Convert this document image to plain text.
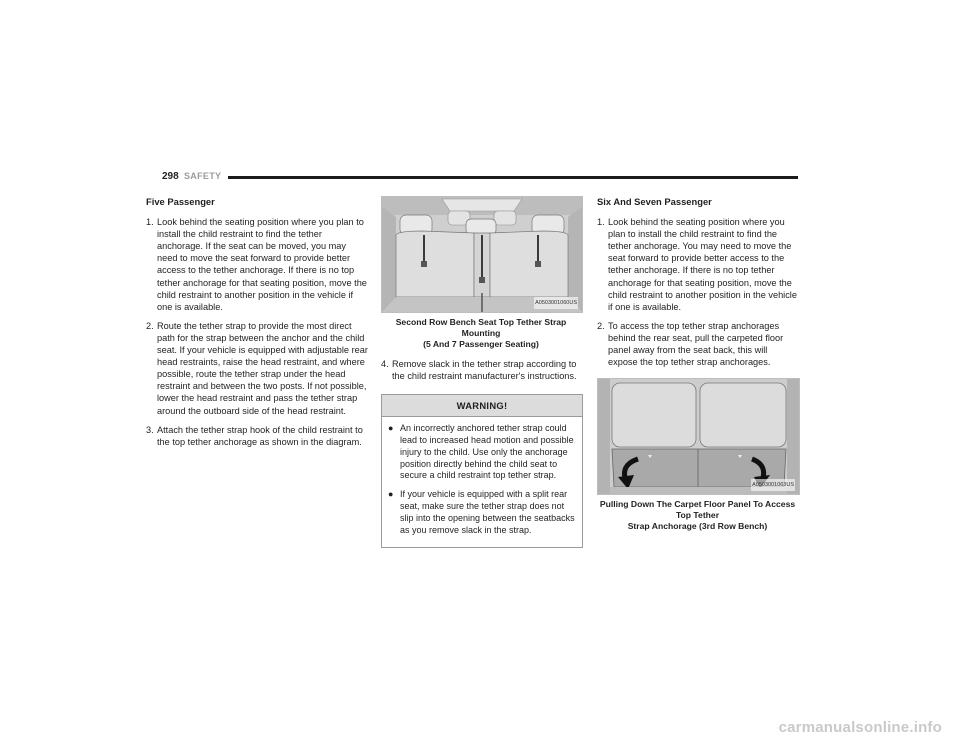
298 SAFETY
Five Passenger
1. Look behind the seating position where you plan to install the child restraint to find the tether anchorage. If the seat can be moved, you may need to move the seat forward to provide better access to the tether anchorage. If there is no top tether anchorage for that seating position, move the child restraint to another position in the vehicle if one is available.
2. Route the tether strap to provide the most direct path for the strap between the anchor and the child seat. If your vehicle is equipped with adjustable rear head restraints, raise the head restraint, and where possible, route the tether strap under the head restraint and between the two posts. If not possible, lower the head restraint and pass the tether strap around the outboard side of the head restraint.
3. Attach the tether strap hook of the child restraint to the top tether anchorage as shown in the diagram.
A0503001060US
Second Row Bench Seat Top Tether Strap Mounting
(5 And 7 Passenger Seating)
4. Remove slack in the tether strap according to the child restraint manufacturer's instructions.
WARNING!
● An incorrectly anchored tether strap could lead to increased head motion and possible injury to the child. Use only the anchorage position directly behind the child seat to secure a child restraint top tether strap.
● If your vehicle is equipped with a split rear seat, make sure the tether strap does not slip into the opening between the seatbacks as you remove slack in the strap.
Six And Seven Passenger
1. Look behind the seating position where you plan to install the child restraint to find the tether anchorage. You may need to move the seat forward to provide better access to the tether anchorage. If there is no top tether anchorage for that seating position, move the child restraint to another position in the vehicle if one is available.
2. To access the top tether strap anchorages behind the rear seat, pull the carpeted floor panel away from the seat back, this will expose the top tether strap anchorages.
A0503001063US
Pulling Down The Carpet Floor Panel To Access Top Tether
Strap Anchorage (3rd Row Bench)
carmanualsonline.info
